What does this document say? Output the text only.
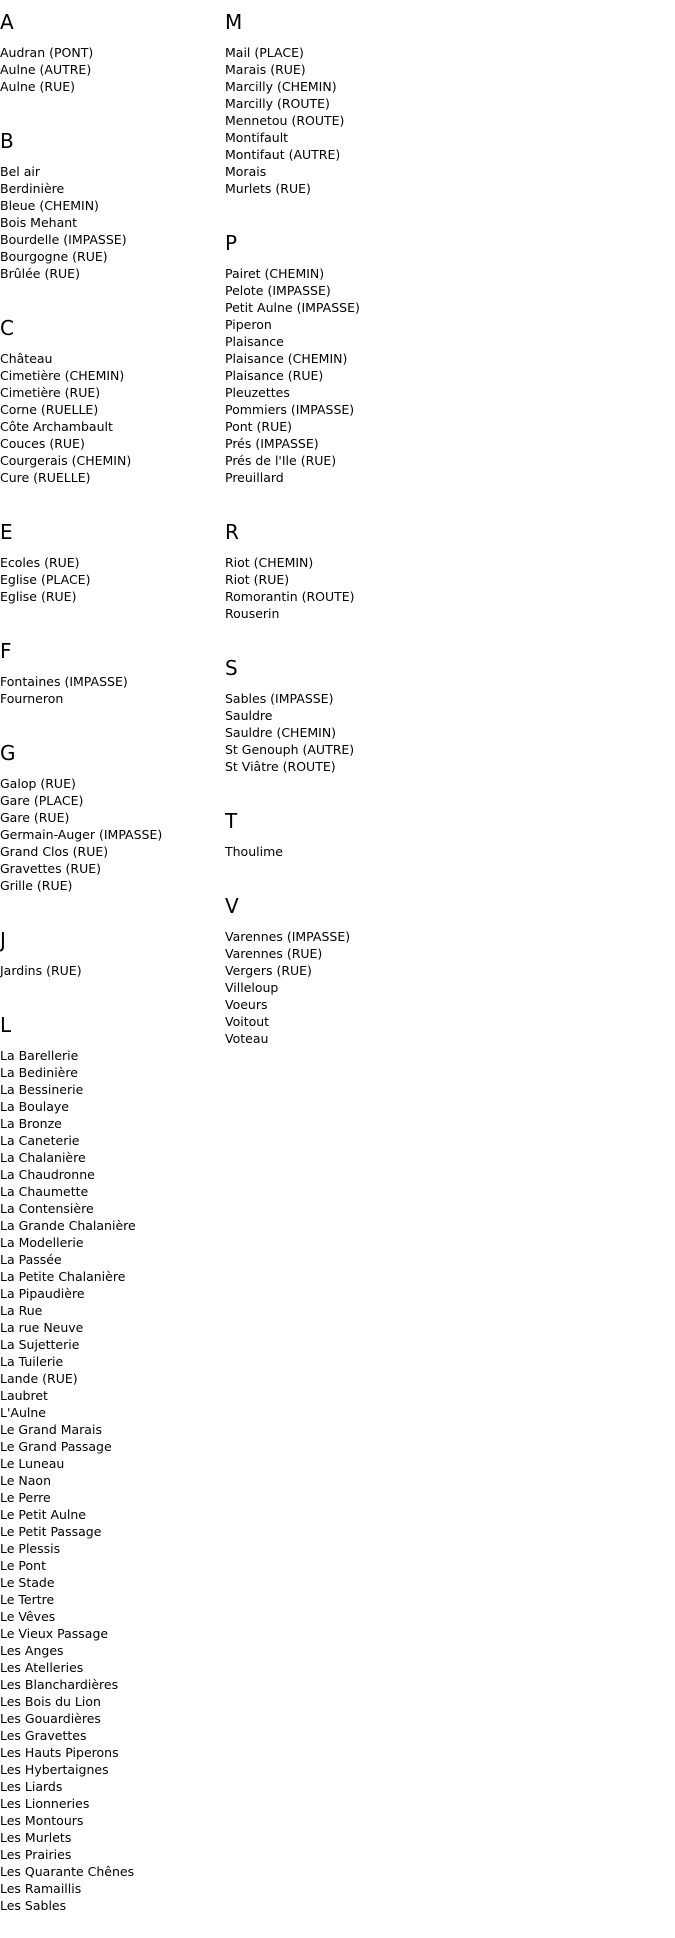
A
Audran (PONT)
Aulne (AUTRE)
Aulne (RUE)
B
Bel air
Berdinière
Bleue (CHEMIN)
Bois Mehant
Bourdelle (IMPASSE)
Bourgogne (RUE)
Brûlée (RUE)
C
Château
Cimetière (CHEMIN)
Cimetière (RUE)
Corne (RUELLE)
Côte Archambault
Couces (RUE)
Courgerais (CHEMIN)
Cure (RUELLE)
E
Ecoles (RUE)
Eglise (PLACE)
Eglise (RUE)
F
Fontaines (IMPASSE)
Fourneron
G
Galop (RUE)
Gare (PLACE)
Gare (RUE)
Germain-Auger (IMPASSE)
Grand Clos (RUE)
Gravettes (RUE)
Grille (RUE)
J
Jardins (RUE)
L
La Barellerie
La Bedinière
La Bessinerie
La Boulaye
La Bronze
La Caneterie
La Chalanière
La Chaudronne
La Chaumette
La Contensière
La Grande Chalanière
La Modellerie
La Passée
La Petite Chalanière
La Pipaudière
La Rue
La rue Neuve
La Sujetterie
La Tuilerie
Lande (RUE)
Laubret
L'Aulne
Le Grand Marais
Le Grand Passage
Le Luneau
Le Naon
Le Perre
Le Petit Aulne
Le Petit Passage
Le Plessis
Le Pont
Le Stade
Le Tertre
Le Vêves
Le Vieux Passage
Les Anges
Les Atelleries
Les Blanchardières
Les Bois du Lion
Les Gouardières
Les Gravettes
Les Hauts Piperons
Les Hybertaignes
Les Liards
Les Lionneries
Les Montours
Les Murlets
Les Prairies
Les Quarante Chênes
Les Ramaillis
Les Sables
M
Mail (PLACE)
Marais (RUE)
Marcilly (CHEMIN)
Marcilly (ROUTE)
Mennetou (ROUTE)
Montifault
Montifaut (AUTRE)
Morais
Murlets (RUE)
P
Pairet (CHEMIN)
Pelote (IMPASSE)
Petit Aulne (IMPASSE)
Piperon
Plaisance
Plaisance (CHEMIN)
Plaisance (RUE)
Pleuzettes
Pommiers (IMPASSE)
Pont (RUE)
Prés (IMPASSE)
Prés de l'Ile (RUE)
Preuillard
R
Riot (CHEMIN)
Riot (RUE)
Romorantin (ROUTE)
Rouserin
S
Sables (IMPASSE)
Sauldre
Sauldre (CHEMIN)
St Genouph (AUTRE)
St Viâtre (ROUTE)
T
Thoulime
V
Varennes (IMPASSE)
Varennes (RUE)
Vergers (RUE)
Villeloup
Voeurs
Voitout
Voteau
